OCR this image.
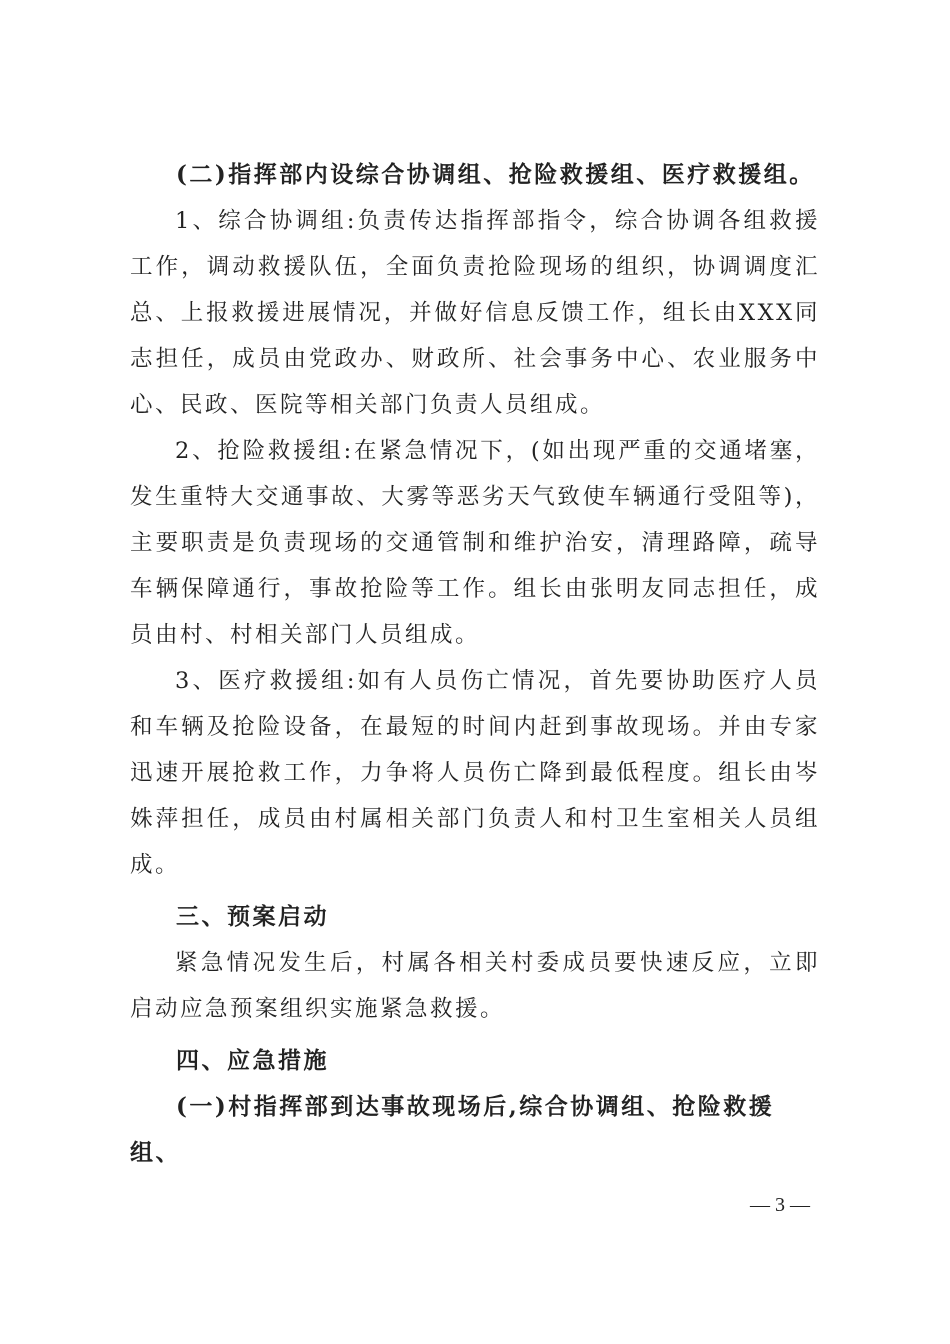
(二)指挥部内设综合协调组、抢险救援组、医疗救援组。

1、综合协调组:负责传达指挥部指令，综合协调各组救援工作，调动救援队伍，全面负责抢险现场的组织，协调调度汇总、上报救援进展情况，并做好信息反馈工作，组长由XXX同志担任，成员由党政办、财政所、社会事务中心、农业服务中心、民政、医院等相关部门负责人员组成。

2、抢险救援组:在紧急情况下，(如出现严重的交通堵塞，发生重特大交通事故、大雾等恶劣天气致使车辆通行受阻等)，主要职责是负责现场的交通管制和维护治安，清理路障，疏导车辆保障通行，事故抢险等工作。组长由张明友同志担任，成员由村、村相关部门人员组成。

3、医疗救援组:如有人员伤亡情况，首先要协助医疗人员和车辆及抢险设备，在最短的时间内赶到事故现场。并由专家迅速开展抢救工作，力争将人员伤亡降到最低程度。组长由岑姝萍担任，成员由村属相关部门负责人和村卫生室相关人员组成。

三、预案启动

紧急情况发生后，村属各相关村委成员要快速反应，立即启动应急预案组织实施紧急救援。

四、应急措施

(一)村指挥部到达事故现场后,综合协调组、抢险救援组、

— 3 —
